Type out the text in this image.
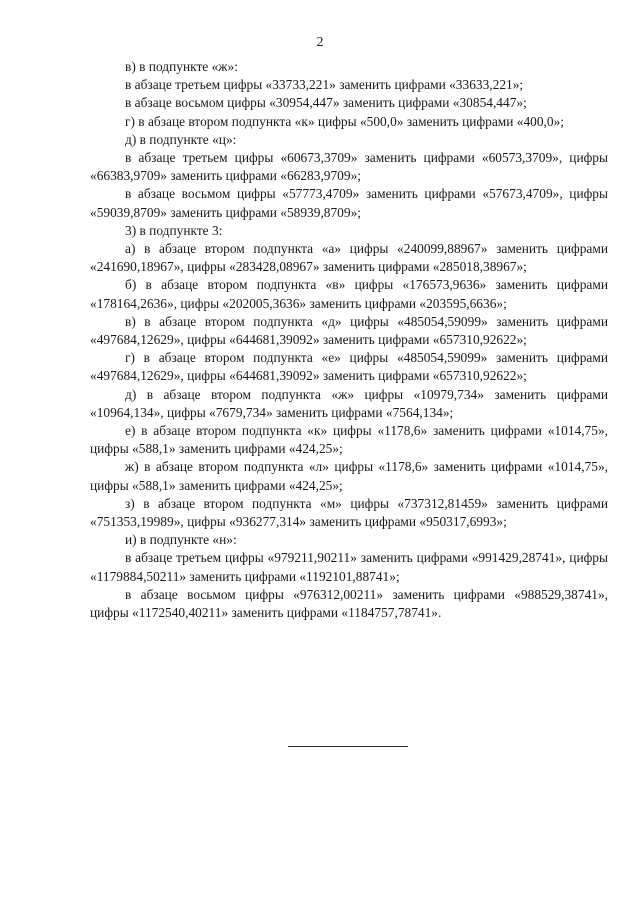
2

в) в подпункте «ж»:

в абзаце третьем цифры «33733,221» заменить цифрами «33633,221»;

в абзаце восьмом цифры «30954,447» заменить цифрами «30854,447»;

г) в абзаце втором подпункта «к» цифры «500,0» заменить цифрами «400,0»;

д) в подпункте «ц»:

в абзаце третьем цифры «60673,3709» заменить цифрами «60573,3709», цифры «66383,9709» заменить цифрами «66283,9709»;

в абзаце восьмом цифры «57773,4709» заменить цифрами «57673,4709», цифры «59039,8709» заменить цифрами «58939,8709»;

3) в подпункте 3:

а) в абзаце втором подпункта «а» цифры «240099,88967» заменить цифрами «241690,18967», цифры «283428,08967» заменить цифрами «285018,38967»;

б) в абзаце втором подпункта «в» цифры «176573,9636» заменить цифрами «178164,2636», цифры «202005,3636» заменить цифрами «203595,6636»;

в) в абзаце втором подпункта «д» цифры «485054,59099» заменить цифрами «497684,12629», цифры «644681,39092» заменить цифрами «657310,92622»;

г) в абзаце втором подпункта «е» цифры «485054,59099» заменить цифрами «497684,12629», цифры «644681,39092» заменить цифрами «657310,92622»;

д) в абзаце втором подпункта «ж» цифры «10979,734» заменить цифрами «10964,134», цифры «7679,734» заменить цифрами «7564,134»;

е) в абзаце втором подпункта «к» цифры «1178,6» заменить цифрами «1014,75», цифры «588,1» заменить цифрами «424,25»;

ж) в абзаце втором подпункта «л» цифры «1178,6» заменить цифрами «1014,75», цифры «588,1» заменить цифрами «424,25»;

з) в абзаце втором подпункта «м» цифры «737312,81459» заменить цифрами «751353,19989», цифры «936277,314» заменить цифрами «950317,6993»;

и) в подпункте «н»:

в абзаце третьем цифры «979211,90211» заменить цифрами «991429,28741», цифры «1179884,50211» заменить цифрами «1192101,88741»;

в абзаце восьмом цифры «976312,00211» заменить цифрами «988529,38741», цифры «1172540,40211» заменить цифрами «1184757,78741».
